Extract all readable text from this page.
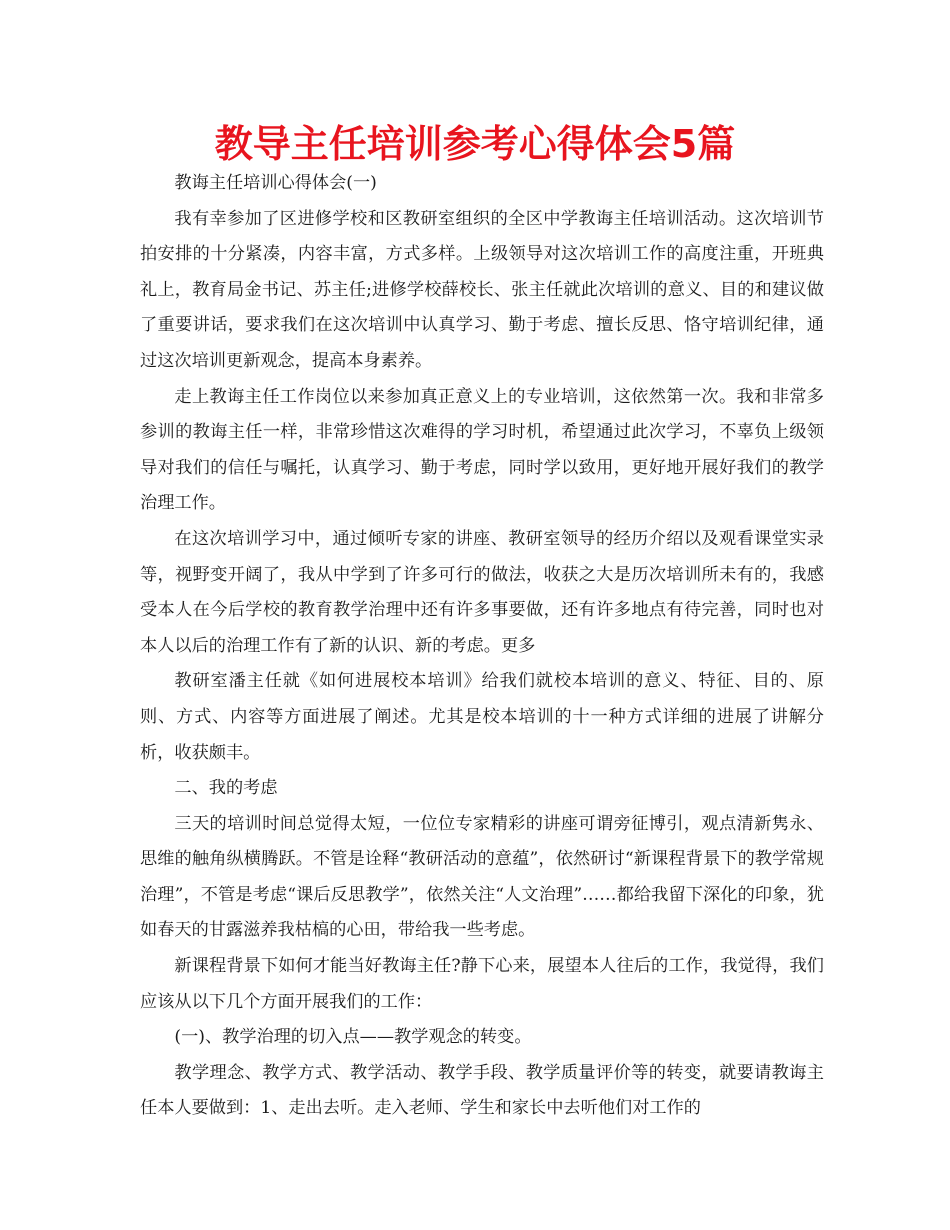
教导主任培训参考心得体会5篇

教诲主任培训心得体会(一)

我有幸参加了区进修学校和区教研室组织的全区中学教诲主任培训活动。这次培训节拍安排的十分紧凑，内容丰富，方式多样。上级领导对这次培训工作的高度注重，开班典礼上，教育局金书记、苏主任;进修学校薛校长、张主任就此次培训的意义、目的和建议做了重要讲话，要求我们在这次培训中认真学习、勤于考虑、擅长反思、恪守培训纪律，通过这次培训更新观念，提高本身素养。

走上教诲主任工作岗位以来参加真正意义上的专业培训，这依然第一次。我和非常多参训的教诲主任一样，非常珍惜这次难得的学习时机，希望通过此次学习，不辜负上级领导对我们的信任与嘱托，认真学习、勤于考虑，同时学以致用，更好地开展好我们的教学治理工作。

在这次培训学习中，通过倾听专家的讲座、教研室领导的经历介绍以及观看课堂实录等，视野变开阔了，我从中学到了许多可行的做法，收获之大是历次培训所未有的，我感受本人在今后学校的教育教学治理中还有许多事要做，还有许多地点有待完善，同时也对本人以后的治理工作有了新的认识、新的考虑。更多

教研室潘主任就《如何进展校本培训》给我们就校本培训的意义、特征、目的、原则、方式、内容等方面进展了阐述。尤其是校本培训的十一种方式详细的进展了讲解分析，收获颇丰。

二、我的考虑

三天的培训时间总觉得太短，一位位专家精彩的讲座可谓旁征博引，观点清新隽永、思维的触角纵横腾跃。不管是诠释“教研活动的意蕴”，依然研讨“新课程背景下的教学常规治理”，不管是考虑“课后反思教学”，依然关注“人文治理”……都给我留下深化的印象，犹如春天的甘露滋养我枯槁的心田，带给我一些考虑。

新课程背景下如何才能当好教诲主任?静下心来，展望本人往后的工作，我觉得，我们应该从以下几个方面开展我们的工作：

(一)、教学治理的切入点——教学观念的转变。

教学理念、教学方式、教学活动、教学手段、教学质量评价等的转变，就要请教诲主任本人要做到：1、走出去听。走入老师、学生和家长中去听他们对工作的
